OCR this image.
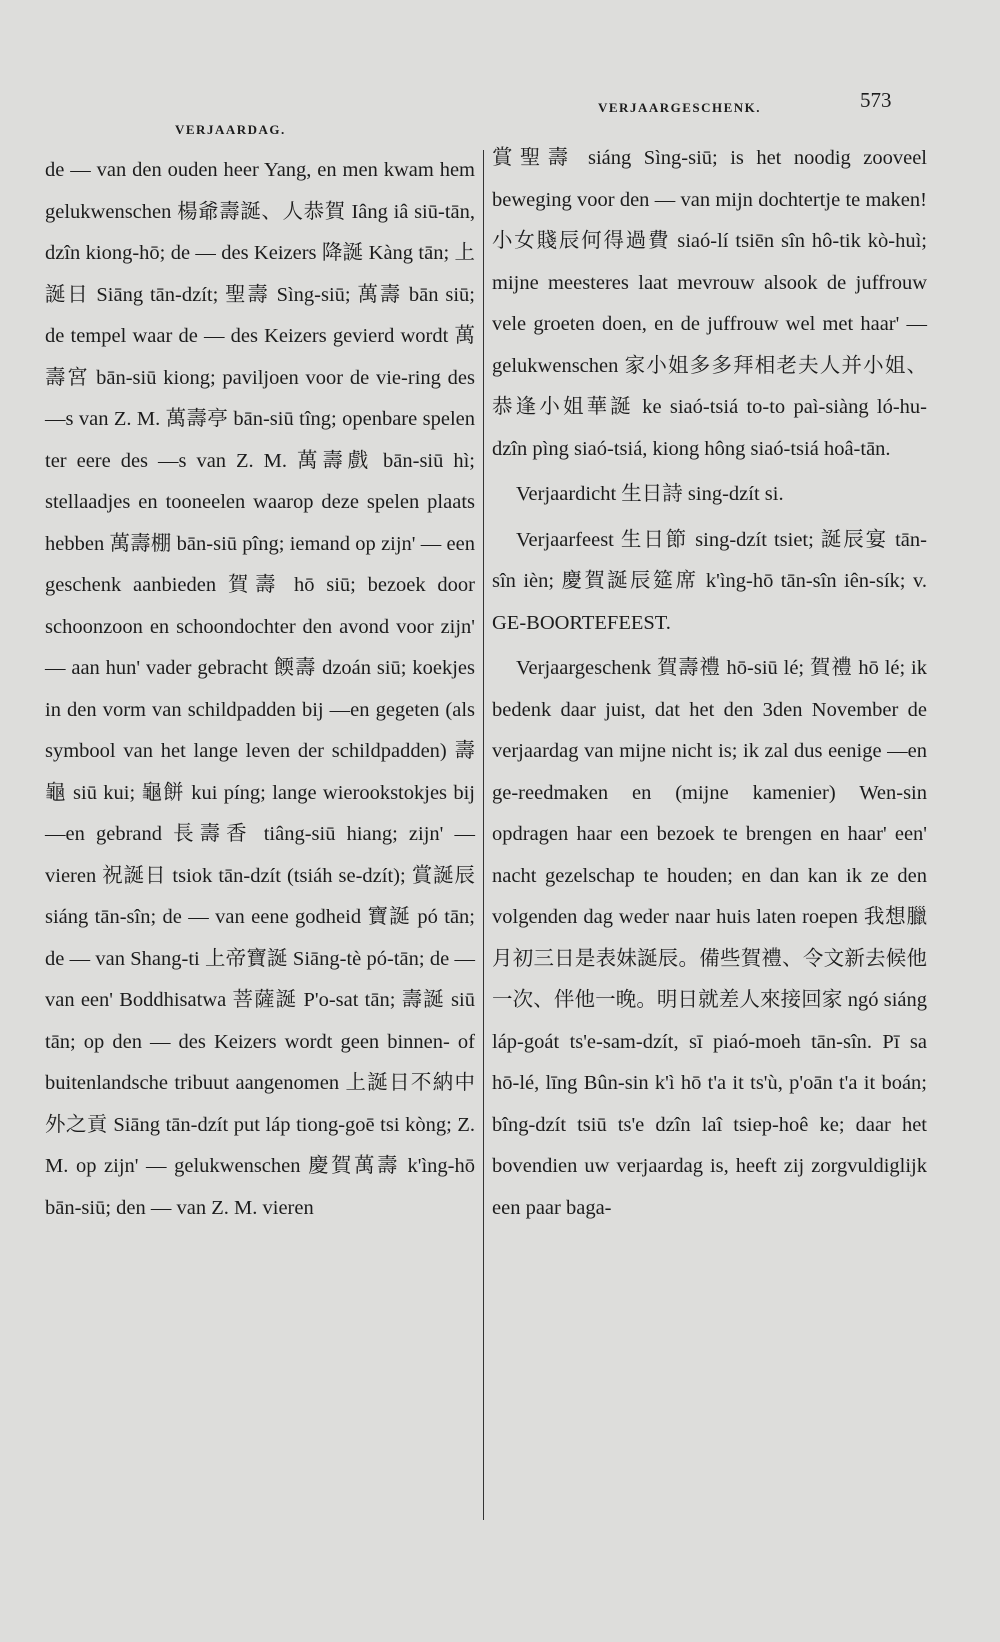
VERJAARDAG.
VERJAARGESCHENK.	573

de — van den ouden heer Yang, en men kwam hem gelukwenschen 楊爺壽誕、人恭賀 Iâng iâ siū-tān, dzîn kiong-hō; de — des Keizers 降誕 Kàng tān; 上誕日 Siāng tān-dzít; 聖壽 Sìng-siū; 萬壽 bān siū; de tempel waar de — des Keizers gevierd wordt 萬壽宮 bān-siū kiong; paviljoen voor de vie-ring des —s van Z. M. 萬壽亭 bān-siū tîng; openbare spelen ter eere des —s van Z. M. 萬壽戲 bān-siū hì; stellaadjes en tooneelen waarop deze spelen plaats hebben 萬壽棚 bān-siū pîng; iemand op zijn' — een geschenk aanbieden 賀壽 hō siū; bezoek door schoonzoon en schoondochter den avond voor zijn' — aan hun' vader gebracht 餪壽 dzoán siū; koekjes in den vorm van schildpadden bij —en gegeten (als symbool van het lange leven der schildpadden) 壽龜 siū kui; 龜餅 kui píng; lange wierookstokjes bij —en gebrand 長壽香 tiâng-siū hiang; zijn' — vieren 祝誕日 tsiok tān-dzít (tsiáh se-dzít); 賞誕辰 siáng tān-sîn; de — van eene godheid 寶誕 pó tān; de — van Shang-ti 上帝寶誕 Siāng-tè pó-tān; de — van een' Boddhisatwa 菩薩誕 P'o-sat tān; 壽誕 siū tān; op den — des Keizers wordt geen binnen- of buitenlandsche tribuut aangenomen 上誕日不納中外之貢 Siāng tān-dzít put láp tiong-goē tsi kòng; Z. M. op zijn' — gelukwenschen 慶賀萬壽 k'ìng-hō bān-siū; den — van Z. M. vieren

賞聖壽 siáng Sìng-siū; is het noodig zooveel beweging voor den — van mijn dochtertje te maken! 小女賤辰何得過費 siaó-lí tsiēn sîn hô-tik kò-huì; mijne meesteres laat mevrouw alsook de juffrouw vele groeten doen, en de juffrouw wel met haar' — gelukwenschen 家小姐多多拜相老夫人并小姐、恭逢小姐華誕 ke siaó-tsiá to-to paì-siàng ló-hu-dzîn pìng siaó-tsiá, kiong hông siaó-tsiá hoâ-tān.

Verjaardicht 生日詩 sing-dzít si.

Verjaarfeest 生日節 sing-dzít tsiet; 誕辰宴 tān-sîn ièn; 慶賀誕辰筵席 k'ìng-hō tān-sîn iên-sík; v. GE-BOORTEFEEST.

Verjaargeschenk 賀壽禮 hō-siū lé; 賀禮 hō lé; ik bedenk daar juist, dat het den 3den November de verjaardag van mijne nicht is; ik zal dus eenige —en ge-reedmaken en (mijne kamenier) Wen-sin opdragen haar een bezoek te brengen en haar' een' nacht gezelschap te houden; en dan kan ik ze den volgenden dag weder naar huis laten roepen 我想臘月初三日是表妹誕辰。備些賀禮、令文新去候他一次、伴他一晚。明日就差人來接回家 ngó siáng láp-goát ts'e-sam-dzít, sī piaó-moeh tān-sîn. Pī sa hō-lé, līng Bûn-sin k'ì hō t'a it ts'ù, p'oān t'a it boán; bîng-dzít tsiū ts'e dzîn laî tsiep-hoê ke; daar het bovendien uw verjaardag is, heeft zij zorgvuldiglijk een paar baga-
